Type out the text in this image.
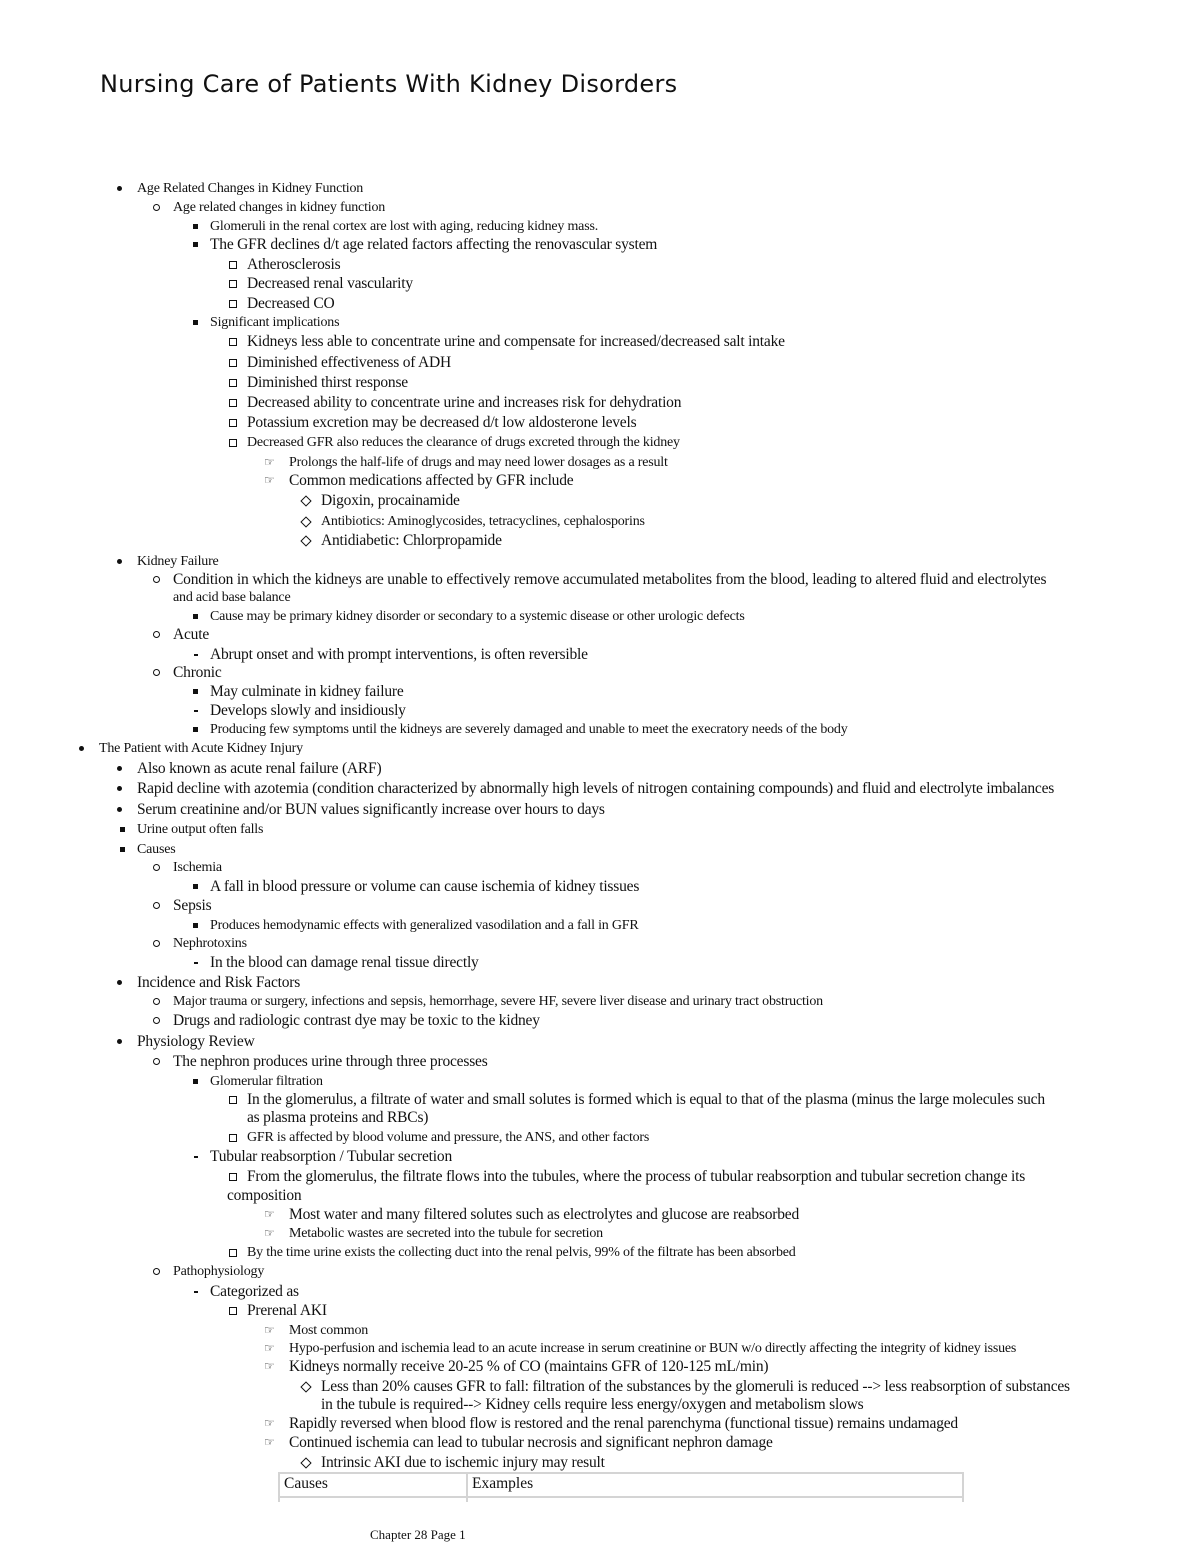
Nursing Care of Patients With Kidney Disorders
Age Related Changes in Kidney Function
Age related changes in kidney function
Glomeruli in the renal cortex are lost with aging, reducing kidney mass.
The GFR declines d/t age related factors affecting the renovascular system
Atherosclerosis
Decreased renal vascularity
Decreased CO
Significant implications
Kidneys less able to concentrate urine and compensate for increased/decreased salt intake
Diminished effectiveness of ADH
Diminished thirst response
Decreased ability to concentrate urine and increases risk for dehydration
Potassium excretion may be decreased d/t low aldosterone levels
Decreased GFR also reduces the clearance of drugs excreted through the kidney
☞ Prolongs the half-life of drugs and may need lower dosages as a result
☞ Common medications affected by GFR include
Digoxin, procainamide
Antibiotics: Aminoglycosides, tetracyclines, cephalosporins
Antidiabetic: Chlorpropamide
Kidney Failure
Condition in which the kidneys are unable to effectively remove accumulated metabolites from the blood, leading to altered fluid and electrolytes
and acid base balance
Cause may be primary kidney disorder or secondary to a systemic disease or other urologic defects
Acute
Abrupt onset and with prompt interventions, is often reversible
Chronic
May culminate in kidney failure
Develops slowly and insidiously
Producing few symptoms until the kidneys are severely damaged and unable to meet the execratory needs of the body
The Patient with Acute Kidney Injury
Also known as acute renal failure (ARF)
Rapid decline with azotemia (condition characterized by abnormally high levels of nitrogen containing compounds) and fluid and electrolyte imbalances
Serum creatinine and/or BUN values significantly increase over hours to days
Urine output often falls
Causes
Ischemia
A fall in blood pressure or volume can cause ischemia of kidney tissues
Sepsis
Produces hemodynamic effects with generalized vasodilation and a fall in GFR
Nephrotoxins
In the blood can damage renal tissue directly
Incidence and Risk Factors
Major trauma or surgery, infections and sepsis, hemorrhage, severe HF, severe liver disease and urinary tract obstruction
Drugs and radiologic contrast dye may be toxic to the kidney
Physiology Review
The nephron produces urine through three processes
Glomerular filtration
In the glomerulus, a filtrate of water and small solutes is formed which is equal to that of the plasma (minus the large molecules such
as plasma proteins and RBCs)
GFR is affected by blood volume and pressure, the ANS, and other factors
Tubular reabsorption / Tubular secretion
From the glomerulus, the filtrate flows into the tubules, where the process of tubular reabsorption and tubular secretion change its
composition
☞ Most water and many filtered solutes such as electrolytes and glucose are reabsorbed
☞ Metabolic wastes are secreted into the tubule for secretion
By the time urine exists the collecting duct into the renal pelvis, 99% of the filtrate has been absorbed
Pathophysiology
Categorized as
Prerenal AKI
☞ Most common
☞ Hypo-perfusion and ischemia lead to an acute increase in serum creatinine or BUN w/o directly affecting the integrity of kidney issues
☞ Kidneys normally receive 20-25 % of CO (maintains GFR of 120-125 mL/min)
Less than 20% causes GFR to fall: filtration of the substances by the glomeruli is reduced --> less reabsorption of substances
in the tubule is required--> Kidney cells require less energy/oxygen and metabolism slows
☞ Rapidly reversed when blood flow is restored and the renal parenchyma (functional tissue) remains undamaged
☞ Continued ischemia can lead to tubular necrosis and significant nephron damage
Intrinsic AKI due to ischemic injury may result
Causes	Examples

Chapter 28 Page 1
